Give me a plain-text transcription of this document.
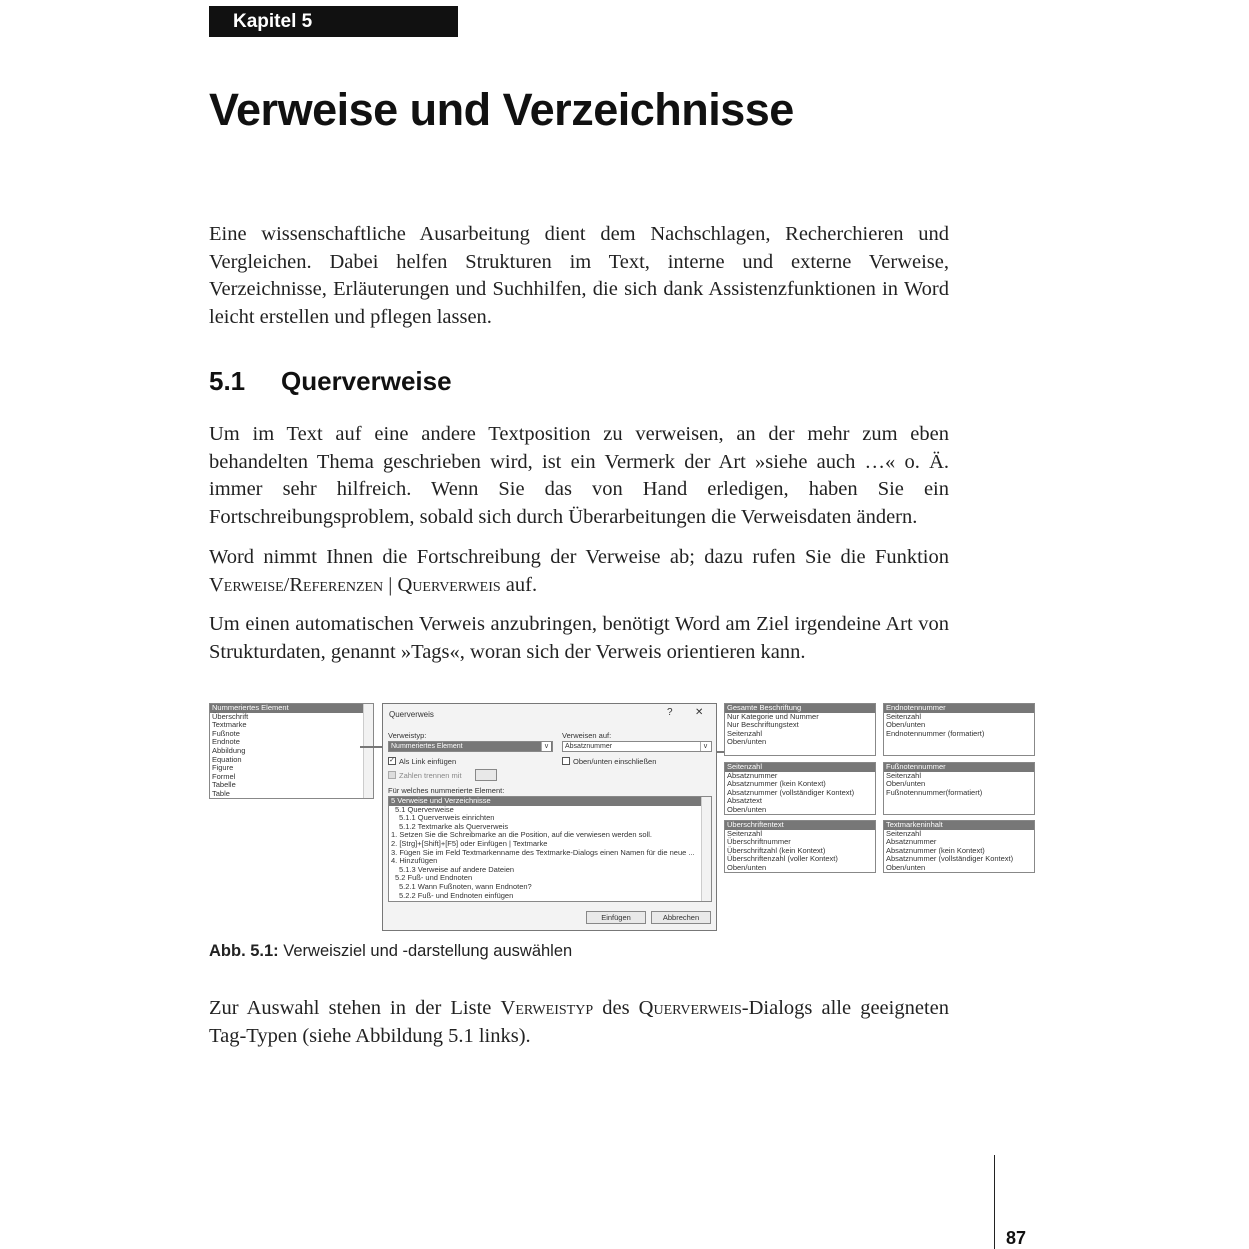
Kapitel 5
Verweise und Verzeichnisse

Eine wissenschaftliche Ausarbeitung dient dem Nachschlagen, Recherchieren und Vergleichen. Dabei helfen Strukturen im Text, interne und externe Verweise, Verzeichnisse, Erläuterungen und Suchhilfen, die sich dank Assistenzfunktionen in Word leicht erstellen und pflegen lassen.

5.1 Querverweise

Um im Text auf eine andere Textposition zu verweisen, an der mehr zum eben behandelten Thema geschrieben wird, ist ein Vermerk der Art »siehe auch …« o. Ä. immer sehr hilfreich. Wenn Sie das von Hand erledigen, haben Sie ein Fortschreibungsproblem, sobald sich durch Überarbeitungen die Verweisdaten ändern.

Word nimmt Ihnen die Fortschreibung der Verweise ab; dazu rufen Sie die Funktion Verweise/Referenzen | Querverweis auf.

Um einen automatischen Verweis anzubringen, benötigt Word am Ziel irgendeine Art von Strukturdaten, genannt »Tags«, woran sich der Verweis orientieren kann.

Nummeriertes Element
Überschrift
Textmarke
Fußnote
Endnote
Abbildung
Equation
Figure
Formel
Tabelle
Table
Querverweis	? ✕
Verweistyp:
Nummeriertes Element	v
Verweisen auf:
Absatznummer	v
✓ Als Link einfügen	Oben/unten einschließen
Zahlen trennen mit
Für welches nummerierte Element:
5 Verweise und Verzeichnisse
5.1 Querverweise
5.1.1 Querverweis einrichten
5.1.2 Textmarke als Querverweis
1. Setzen Sie die Schreibmarke an die Position, auf die verwiesen werden soll.
2. [Strg]+[Shift]+[F5] oder Einfügen | Textmarke
3. Fügen Sie im Feld Textmarkenname des Textmarke-Dialogs einen Namen für die neue ...
4. Hinzufügen
5.1.3 Verweise auf andere Dateien
5.2 Fuß- und Endnoten
5.2.1 Wann Fußnoten, wann Endnoten?
5.2.2 Fuß- und Endnoten einfügen
Einfügen	Abbrechen
Gesamte Beschriftung
Nur Kategorie und Nummer
Nur Beschriftungstext
Seitenzahl
Oben/unten
Endnotennummer
Seitenzahl
Oben/unten
Endnotennummer (formatiert)
Seitenzahl
Absatznummer
Absatznummer (kein Kontext)
Absatznummer (vollständiger Kontext)
Absatztext
Oben/unten
Fußnotennummer
Seitenzahl
Oben/unten
Fußnotennummer(formatiert)
Überschriftentext
Seitenzahl
Überschriftnummer
Überschriftzahl (kein Kontext)
Überschriftenzahl (voller Kontext)
Oben/unten
Textmarkeninhalt
Seitenzahl
Absatznummer
Absatznummer (kein Kontext)
Absatznummer (vollständiger Kontext)
Oben/unten

Abb. 5.1: Verweisziel und -darstellung auswählen

Zur Auswahl stehen in der Liste Verweistyp des Querverweis-Dialogs alle geeigneten Tag-Typen (siehe Abbildung 5.1 links).

87
